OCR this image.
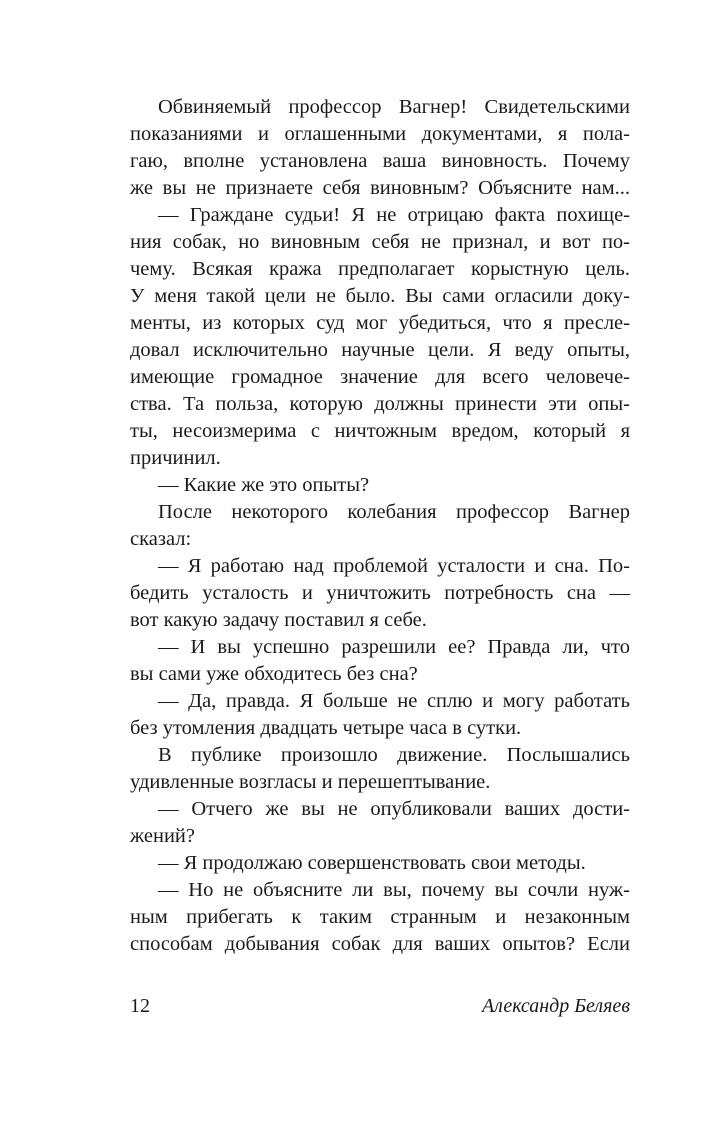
Обвиняемый профессор Вагнер! Свидетельскими
показаниями и оглашенными документами, я пола-
гаю, вполне установлена ваша виновность. Почему
же вы не признаете себя виновным? Объясните нам...
— Граждане судьи! Я не отрицаю факта похище-
ния собак, но виновным себя не признал, и вот по-
чему. Всякая кража предполагает корыстную цель.
У меня такой цели не было. Вы сами огласили доку-
менты, из которых суд мог убедиться, что я пресле-
довал исключительно научные цели. Я веду опыты,
имеющие громадное значение для всего человече-
ства. Та польза, которую должны принести эти опы-
ты, несоизмерима с ничтожным вредом, который я
причинил.
— Какие же это опыты?
После некоторого колебания профессор Вагнер
сказал:
— Я работаю над проблемой усталости и сна. По-
бедить усталость и уничтожить потребность сна —
вот какую задачу поставил я себе.
— И вы успешно разрешили ее? Правда ли, что
вы сами уже обходитесь без сна?
— Да, правда. Я больше не сплю и могу работать
без утомления двадцать четыре часа в сутки.
В публике произошло движение. Послышались
удивленные возгласы и перешептывание.
— Отчего же вы не опубликовали ваших дости-
жений?
— Я продолжаю совершенствовать свои методы.
— Но не объясните ли вы, почему вы сочли нуж-
ным прибегать к таким странным и незаконным
способам добывания собак для ваших опытов? Если
12	Александр Беляев
